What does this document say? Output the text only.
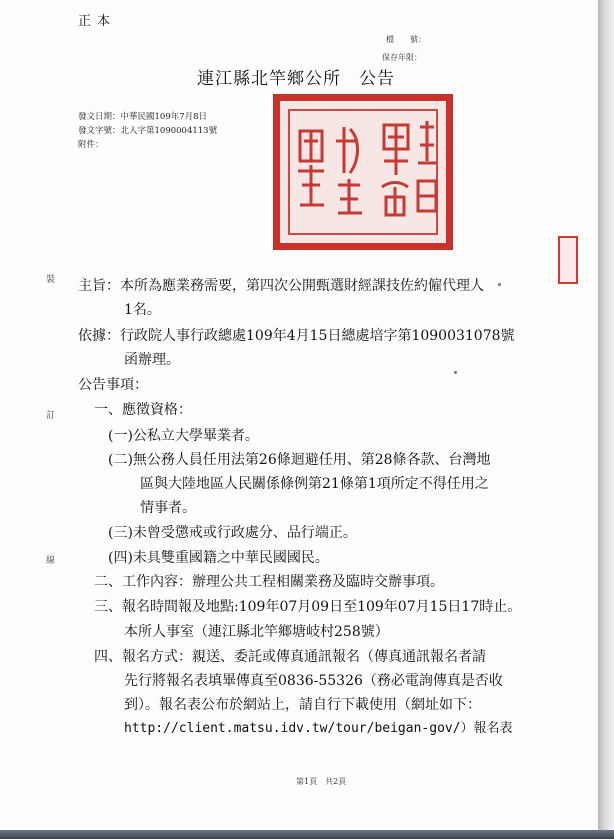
正本
檔　　號：
保存年限：
連江縣北竿鄉公所 公告
發文日期：中華民國109年7月8日
發文字號：北人字第1090004113號
附件：
裝
訂
線
主旨：本所為應業務需要，第四次公開甄選財經課技佐約僱代理人
1名。
依據：行政院人事行政總處109年4月15日總處培字第1090031078號
函辦理。
公告事項：
一、應徵資格：
(一)公私立大學畢業者。
(二)無公務人員任用法第26條迴避任用、第28條各款、台灣地
區與大陸地區人民關係條例第21條第1項所定不得任用之
情事者。
(三)未曾受懲戒或行政處分、品行端正。
(四)未具雙重國籍之中華民國國民。
二、工作內容：辦理公共工程相關業務及臨時交辦事項。
三、報名時間報及地點:109年07月09日至109年07月15日17時止。
本所人事室（連江縣北竿鄉塘岐村258號）
四、報名方式：親送、委託或傳真通訊報名（傳真通訊報名者請
先行將報名表填畢傳真至0836-55326（務必電詢傳真是否收
到）。報名表公布於網站上，請自行下載使用（網址如下：
http://client.matsu.idv.tw/tour/beigan-gov/）報名表
第1頁　共2頁
